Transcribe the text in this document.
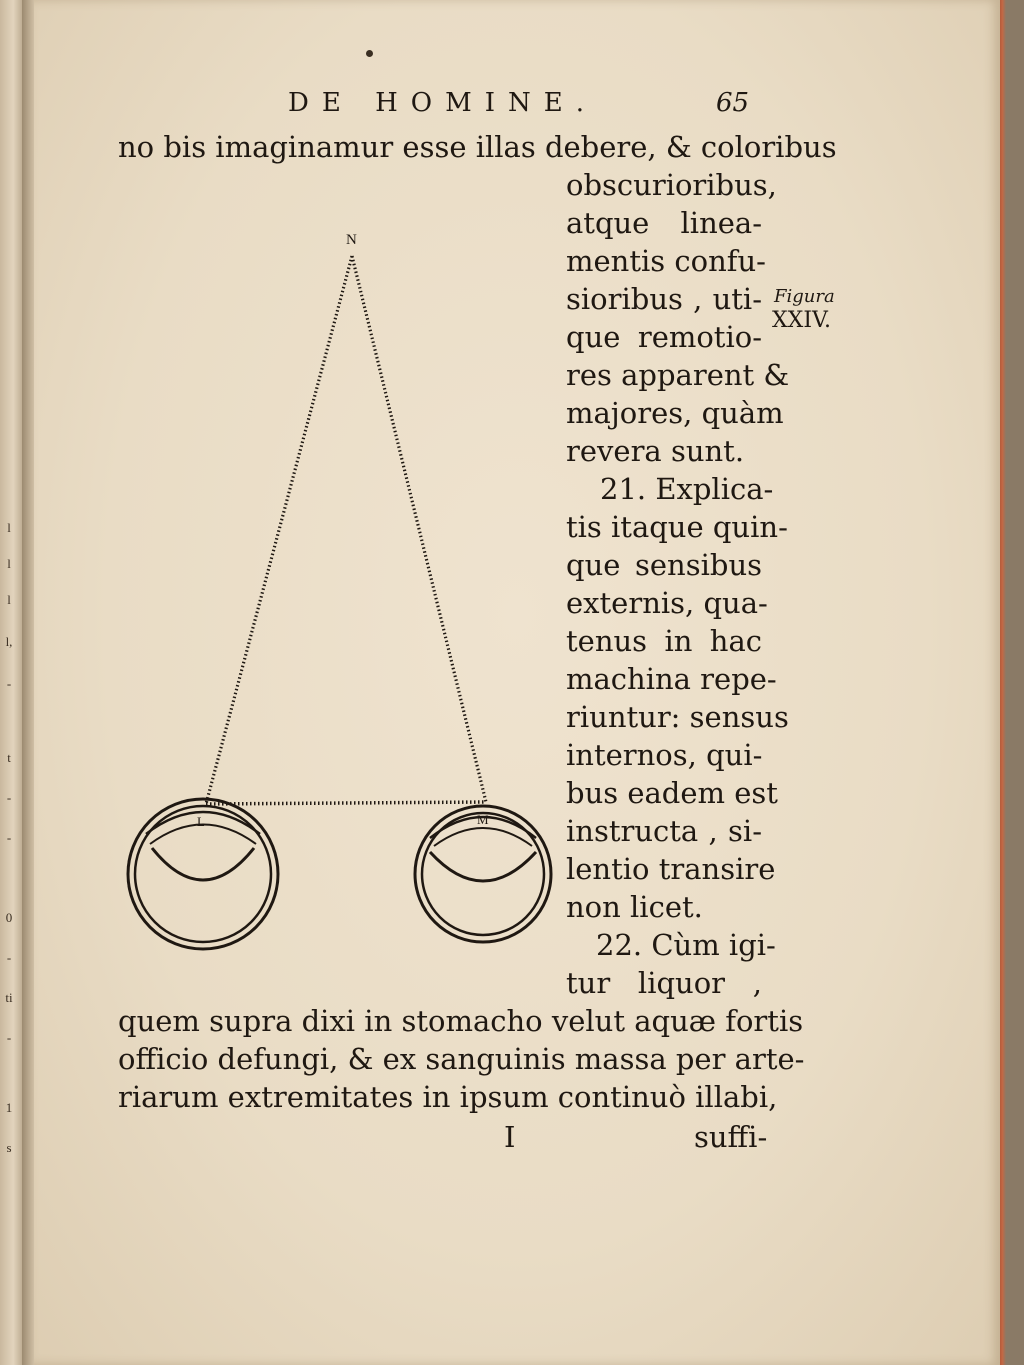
l
l
l
l,
-
t
-
-
0
-
ti
-
1
s
DE HOMINE.	65
Figura
XXIV.
N
L	M
no bis imaginamur esse illas debere, & coloribus
obscurioribus,
atque linea-
mentis confu-
sioribus , uti-
que remotio-
res apparent &
majores, quàm
revera sunt.
21. Explica-
tis itaque quin-
que sensibus
externis, qua-
tenus in hac
machina repe-
riuntur: sensus
internos, qui-
bus eadem est
instructa , si-
lentio transire
non licet.
22. Cùm igi-
tur liquor ,
quem supra dixi in stomacho velut aquæ fortis
officio defungi, & ex sanguinis massa per arte-
riarum extremitates in ipsum continuò illabi,
I	suffi-
